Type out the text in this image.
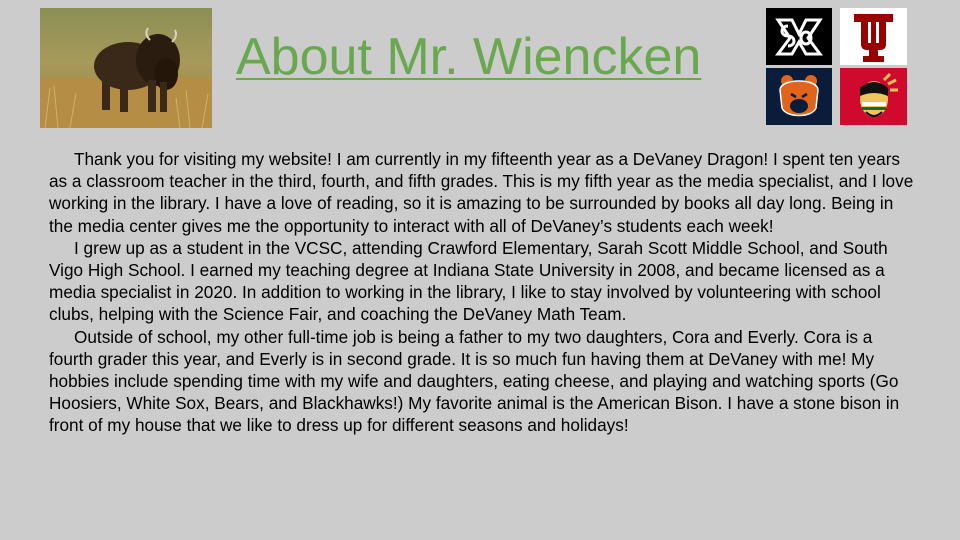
About Mr. Wiencken

Thank you for visiting my website! I am currently in my fifteenth year as a DeVaney Dragon! I spent ten years as a classroom teacher in the third, fourth, and fifth grades. This is my fifth year as the media specialist, and I love working in the library. I have a love of reading, so it is amazing to be surrounded by books all day long. Being in the media center gives me the opportunity to interact with all of DeVaney’s students each week!

I grew up as a student in the VCSC, attending Crawford Elementary, Sarah Scott Middle School, and South Vigo High School. I earned my teaching degree at Indiana State University in 2008, and became licensed as a media specialist in 2020. In addition to working in the library, I like to stay involved by volunteering with school clubs, helping with the Science Fair, and coaching the DeVaney Math Team.

Outside of school, my other full-time job is being a father to my two daughters, Cora and Everly. Cora is a fourth grader this year, and Everly is in second grade. It is so much fun having them at DeVaney with me! My hobbies include spending time with my wife and daughters, eating cheese, and playing and watching sports (Go Hoosiers, White Sox, Bears, and Blackhawks!) My favorite animal is the American Bison. I have a stone bison in front of my house that we like to dress up for different seasons and holidays!
